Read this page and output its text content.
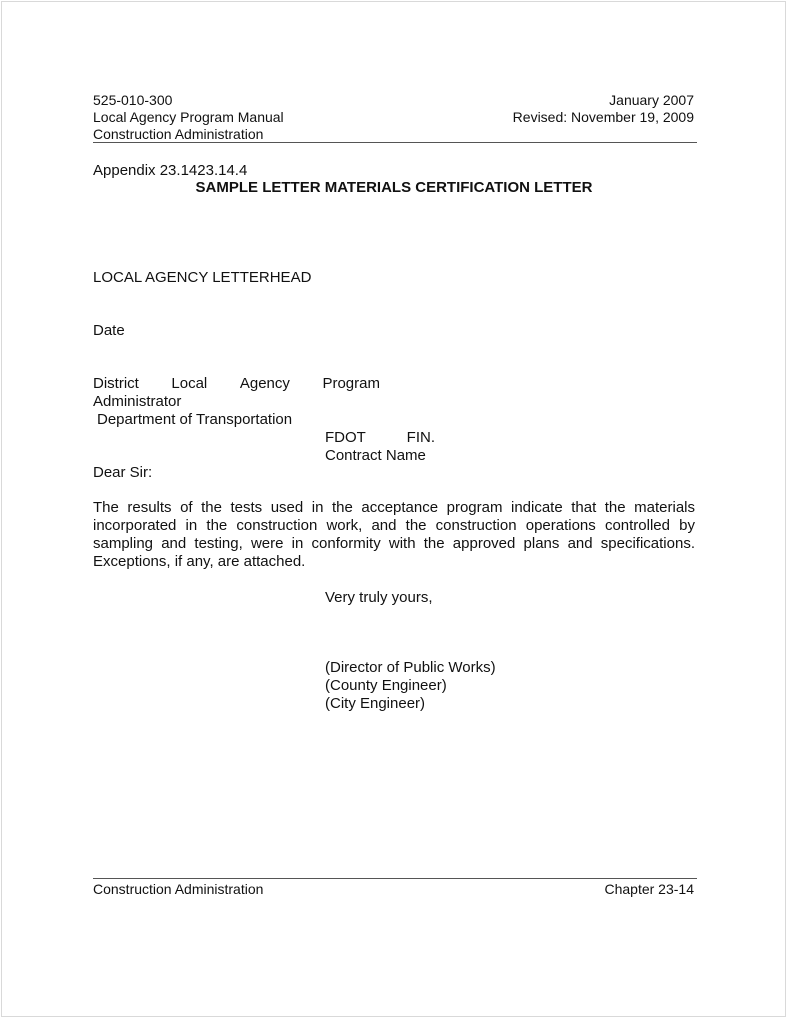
525-010-300
Local Agency Program Manual
Construction Administration
January 2007
Revised: November 19, 2009
Appendix 23.1423.14.4
SAMPLE LETTER MATERIALS CERTIFICATION LETTER
LOCAL AGENCY LETTERHEAD
Date
District Local Agency Program
Administrator
Department of Transportation
FDOT	FIN.
Contract Name
Dear Sir:
The results of the tests used in the acceptance program indicate that the materials
incorporated in the construction work, and the construction operations controlled by
sampling and testing, were in conformity with the approved plans and specifications.
Exceptions, if any, are attached.
Very truly yours,
(Director of Public Works)
(County Engineer)
(City Engineer)
Construction Administration	Chapter 23-14
